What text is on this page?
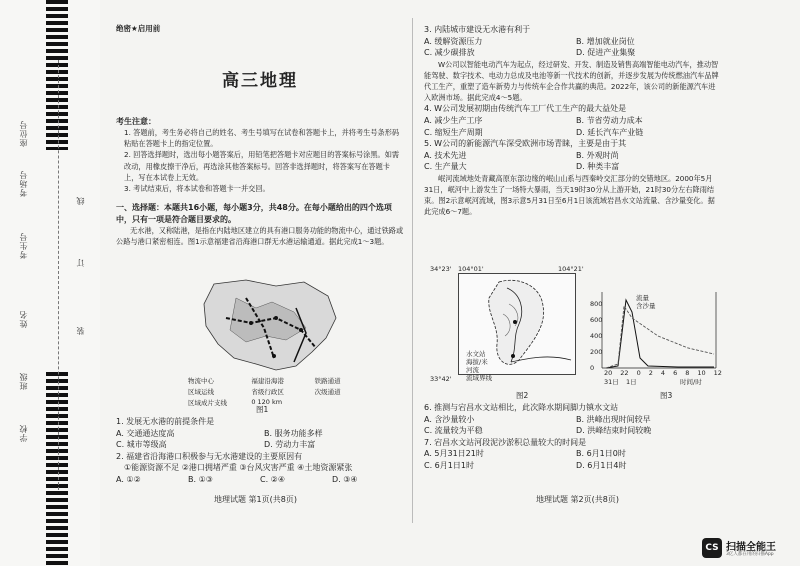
座位号
考场号
线
考生号
订
姓名
装
班级
学校

绝密★启用前

高三地理

考生注意：

1. 答题前，考生务必将自己的姓名、考生号填写在试卷和答题卡上，并将考生号条形码粘贴在答题卡上的指定位置。

2. 回答选择题时，选出每小题答案后，用铅笔把答题卡对应题目的答案标号涂黑。如需改动，用橡皮擦干净后，再选涂其他答案标号。回答非选择题时，将答案写在答题卡上，写在本试卷上无效。

3. 考试结束后，将本试卷和答题卡一并交回。

一、选择题：本题共16小题，每小题3分，共48分。在每小题给出的四个选项中，只有一项是符合题目要求的。

无水港，又称陆港，是指在内陆地区建立的具有港口服务功能的物流中心，通过铁路或公路与港口紧密相连。图1示意福建省沿海港口群无水港运输通道。据此完成1～3题。

物流中心	福建沿海港	铁路通道
区域运线	省级行政区	次级通道
区域成片支线	0 120 km
图1

1. 发展无水港的前提条件是

A. 交通通达度高	B. 服务功能多样
C. 城市等级高	D. 劳动力丰富

2. 福建省沿海港口积极参与无水港建设的主要原因有

①能源资源不足 ②港口拥堵严重 ③台风灾害严重 ④土地资源紧张

A. ①②	B. ①③	C. ②④	D. ③④
地理试题 第1页(共8页)

3. 内陆城市建设无水港有利于

A. 缓解资源压力	B. 增加就业岗位
C. 减少碳排放	D. 促进产业集聚

W公司以智能电动汽车为起点，经过研发、开发、制造及销售高端智能电动汽车，推动智能驾驶、数字技术、电动力总成及电池等新一代技术的创新，并逐步发展为传统燃油汽车品牌代工生产，重塑了造车新势力与传统车企合作共赢的典范。2022年，该公司的新能源汽车进入欧洲市场。据此完成4～5题。

4. W公司发展初期由传统汽车工厂代工生产的最大益处是

A. 减少生产工序	B. 节省劳动力成本
C. 缩短生产周期	D. 延长汽车产业链

5. W公司的新能源汽车深受欧洲市场青睐，主要是由于其

A. 技术先进	B. 外观时尚
C. 生产量大	D. 种类丰富

岷河流域地处青藏高原东部边缘的岷山山系与西秦岭交汇部分的交错地区。2000年5月31日，岷河中上游发生了一场特大暴雨，当天19时30分从上游开始，21时30分左右降雨结束。图2示意岷河流域，图3示意5月31日至6月1日该流域岩昌水文站流量、含沙量变化。据此完成6～7题。

34°23' 104°01'	104°21'
水文站
海拔/米
河流
流域界线
33°42'
图2
流量
含沙量
800
600
400
200
0
20 22 0 2 4 6 8 10 12
31日 1日	时间/时
图3

6. 推测与宕昌水文站相比，此次降水期间脚力镇水文站

A. 含沙量较小	B. 洪峰出现时间较早
C. 流量较为平稳	D. 洪峰结束时间较晚

7. 宕昌水文站河段泥沙淤积总量较大的时间是

A. 5月31日21时	B. 6月1日0时
C. 6月1日1时	D. 6月1日4时
地理试题 第2页(共8页)
CS 扫描全能王
3亿人都在用的扫描App
